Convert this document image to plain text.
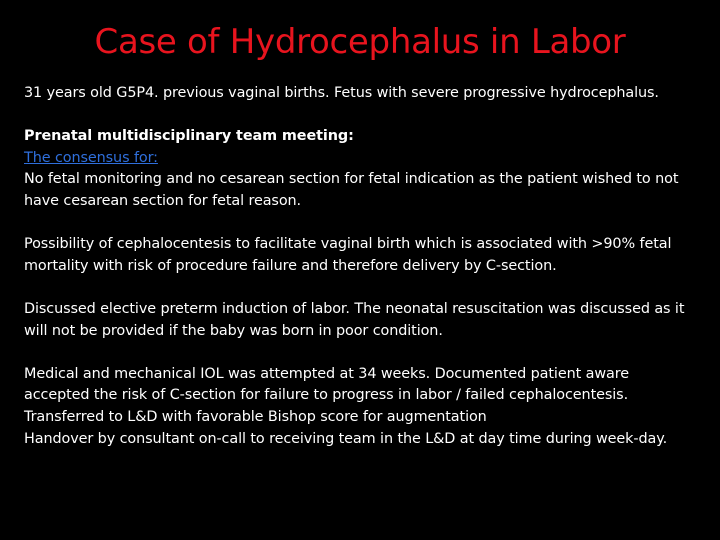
Case of Hydrocephalus in Labor
31 years old G5P4. previous vaginal births. Fetus with severe progressive hydrocephalus.
Prenatal multidisciplinary team meeting:
The consensus for:
No fetal monitoring and no cesarean section for fetal indication as the patient wished to not
have cesarean section for fetal reason.
Possibility of cephalocentesis to facilitate vaginal birth which is associated with >90% fetal
mortality with risk of procedure failure and therefore delivery by C-section.
Discussed elective preterm induction of labor. The neonatal resuscitation was discussed as it
will not be provided if the baby was born in poor condition.
Medical and mechanical IOL was attempted at 34 weeks. Documented patient aware
accepted the risk of C-section for failure to progress in labor / failed cephalocentesis.
Transferred to L&D with favorable Bishop score for augmentation
Handover by consultant on-call to receiving team in the L&D at day time during week-day.
